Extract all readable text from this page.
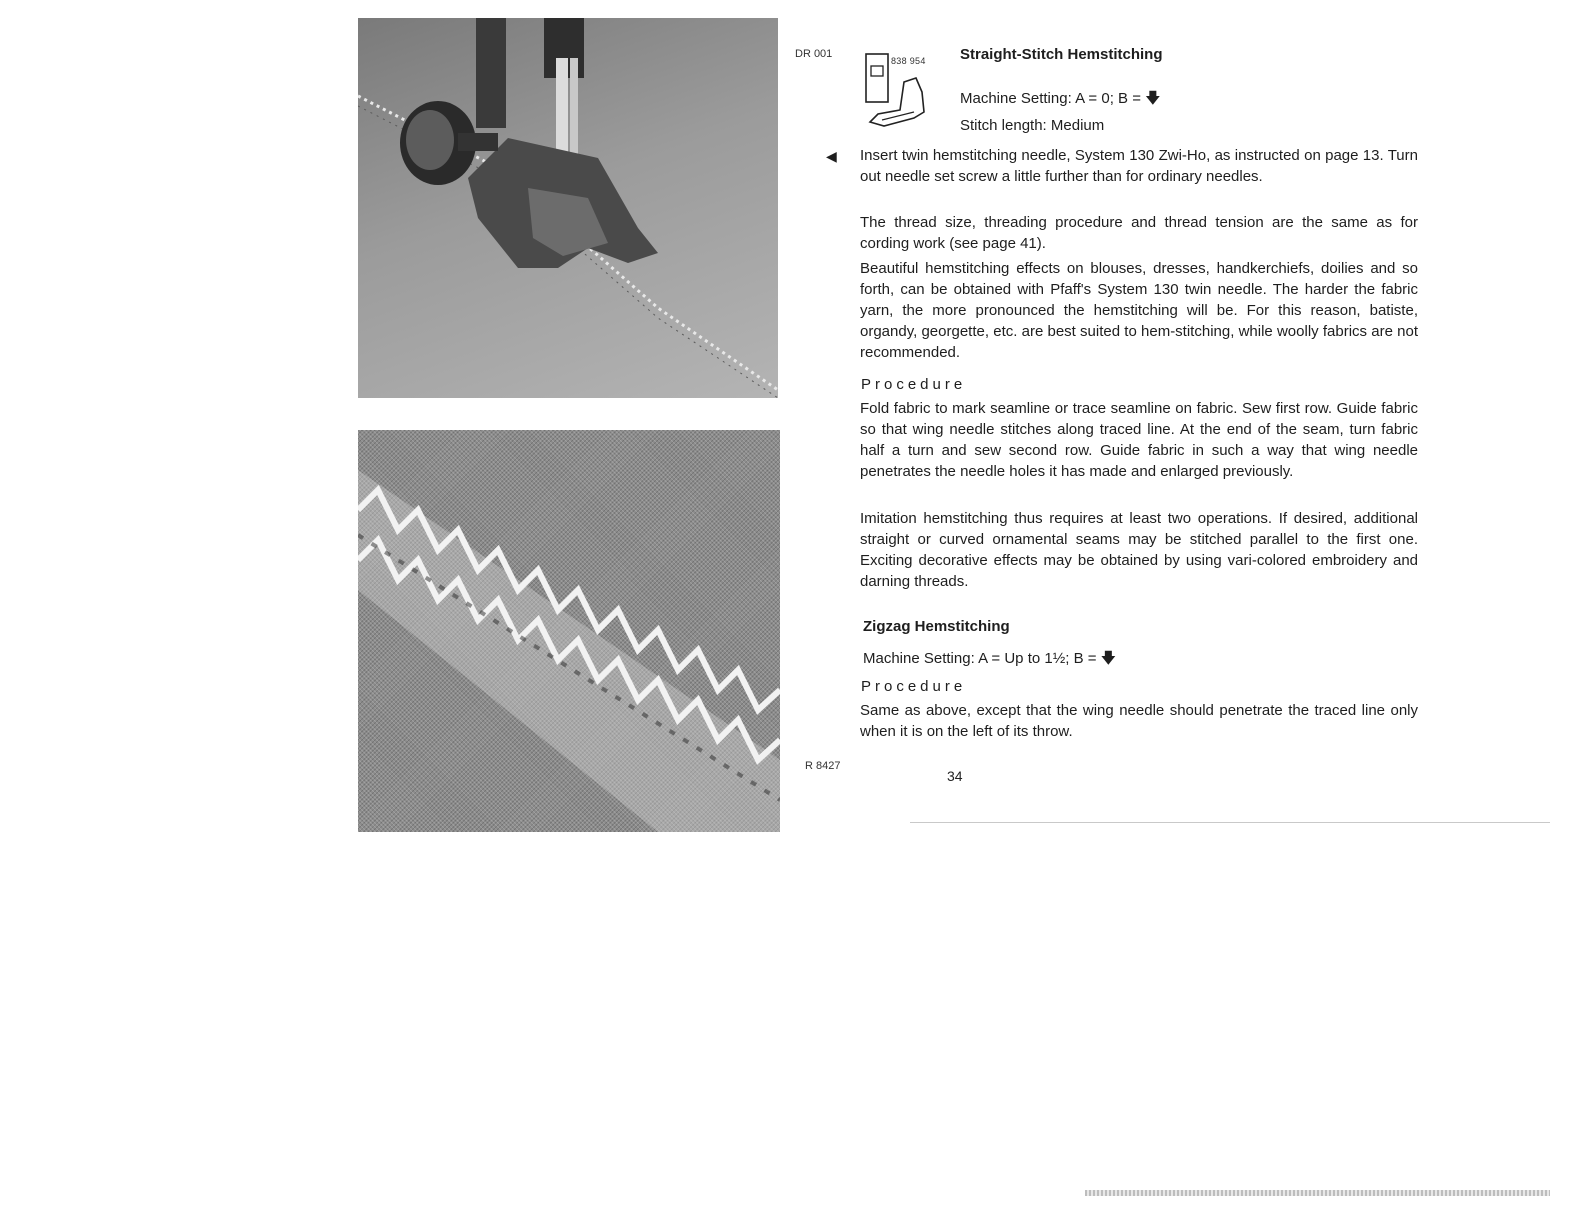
DR 001
R 8427
838 954 Straight-Stitch Hemstitching
Machine Setting: A = 0; B = 🡇
Stitch length: Medium
◀ Insert twin hemstitching needle, System 130 Zwi-Ho, as instructed on page 13. Turn out needle set screw a little further than for ordinary needles.

The thread size, threading procedure and thread tension are the same as for cording work (see page 41).

Beautiful hemstitching effects on blouses, dresses, handkerchiefs, doilies and so forth, can be obtained with Pfaff's System 130 twin needle. The harder the fabric yarn, the more pronounced the hemstitching will be. For this reason, batiste, organdy, georgette, etc. are best suited to hem-stitching, while woolly fabrics are not recommended.

Procedure

Fold fabric to mark seamline or trace seamline on fabric. Sew first row. Guide fabric so that wing needle stitches along traced line. At the end of the seam, turn fabric half a turn and sew second row. Guide fabric in such a way that wing needle penetrates the needle holes it has made and enlarged previously.

Imitation hemstitching thus requires at least two operations. If desired, additional straight or curved ornamental seams may be stitched parallel to the first one. Exciting decorative effects may be obtained by using vari-colored embroidery and darning threads.

Zigzag Hemstitching
Machine Setting: A = Up to 1½; B = 🡇
Procedure

Same as above, except that the wing needle should penetrate the traced line only when it is on the left of its throw.

34
